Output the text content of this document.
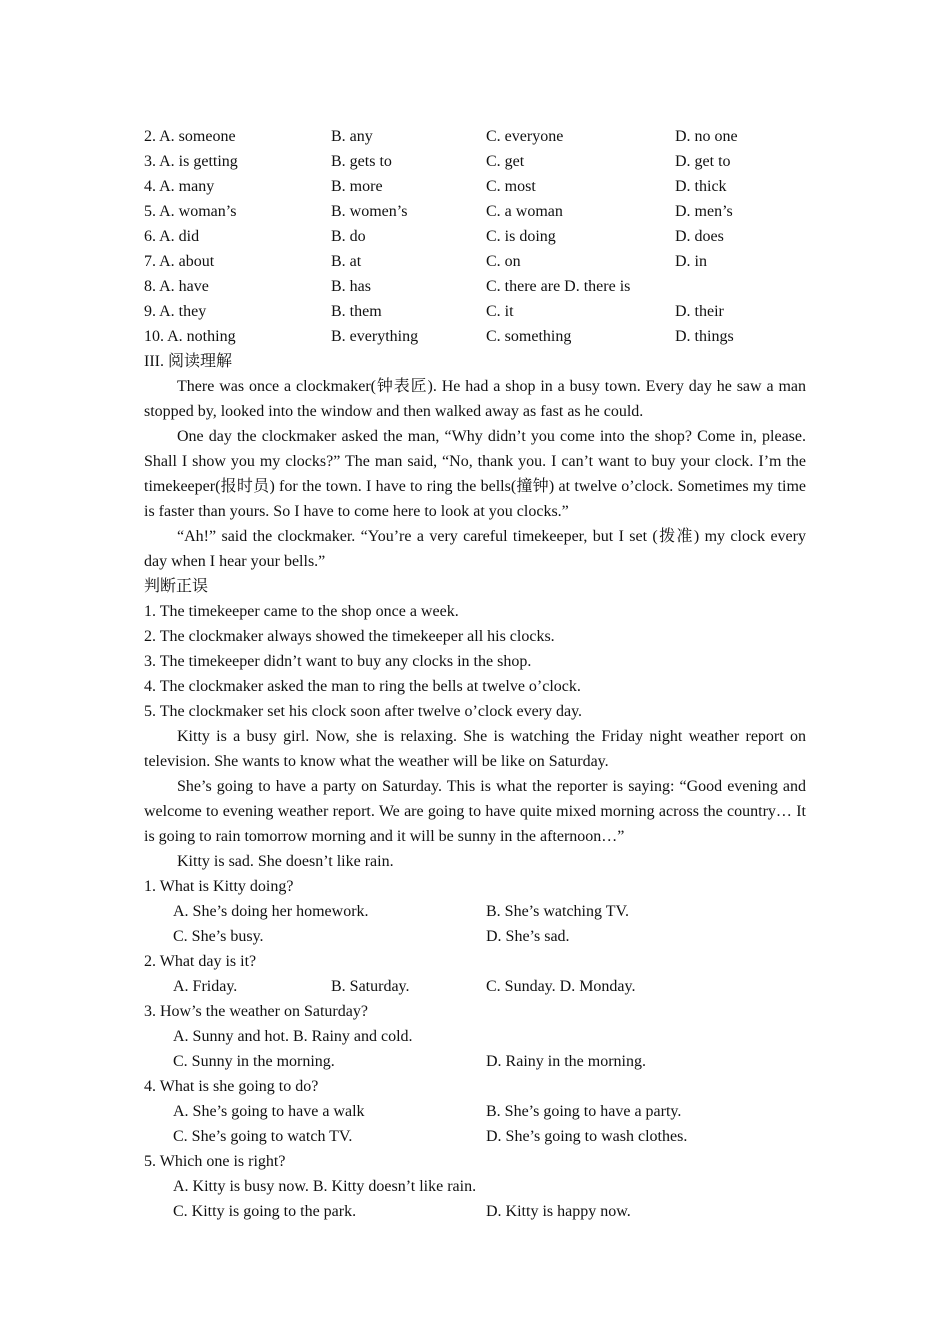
2. A. someone	B. any	C. everyone	D. no one
3. A. is getting	B. gets to	C. get	D. get to
4. A. many	B. more	C. most	D. thick
5. A. woman’s	B. women’s	C. a woman	D. men’s
6. A. did	B. do	C. is doing	D. does
7. A. about	B. at	C. on	D. in
8. A. have	B. has	C. there are D. there is
9. A. they	B. them	C. it	D. their
10. A. nothing	B. everything	C. something	D. things

III. 阅读理解

There was once a clockmaker(钟表匠). He had a shop in a busy town. Every day he saw a man stopped by, looked into the window and then walked away as fast as he could.

One day the clockmaker asked the man, “Why didn’t you come into the shop? Come in, please. Shall I show you my clocks?” The man said, “No, thank you. I can’t want to buy your clock. I’m the timekeeper(报时员) for the town. I have to ring the bells(撞钟) at twelve o’clock. Sometimes my time is faster than yours. So I have to come here to look at you clocks.”

“Ah!” said the clockmaker. “You’re a very careful timekeeper, but I set (拨准) my clock every day when I hear your bells.”

判断正误

1. The timekeeper came to the shop once a week.

2. The clockmaker always showed the timekeeper all his clocks.

3. The timekeeper didn’t want to buy any clocks in the shop.

4. The clockmaker asked the man to ring the bells at twelve o’clock.

5. The clockmaker set his clock soon after twelve o’clock every day.

Kitty is a busy girl. Now, she is relaxing. She is watching the Friday night weather report on television. She wants to know what the weather will be like on Saturday.

She’s going to have a party on Saturday. This is what the reporter is saying: “Good evening and welcome to evening weather report. We are going to have quite mixed morning across the country… It is going to rain tomorrow morning and it will be sunny in the afternoon…”

Kitty is sad. She doesn’t like rain.

1. What is Kitty doing?

A. She’s doing her homework.	B. She’s watching TV.
C. She’s busy.	D. She’s sad.

2. What day is it?

A. Friday.	B. Saturday.	C. Sunday. D. Monday.

3. How’s the weather on Saturday?

A. Sunny and hot. B. Rainy and cold.
C. Sunny in the morning.	D. Rainy in the morning.

4. What is she going to do?

A. She’s going to have a walk	B. She’s going to have a party.
C. She’s going to watch TV.	D. She’s going to wash clothes.

5. Which one is right?

A. Kitty is busy now. B. Kitty doesn’t like rain.
C. Kitty is going to the park.	D. Kitty is happy now.
